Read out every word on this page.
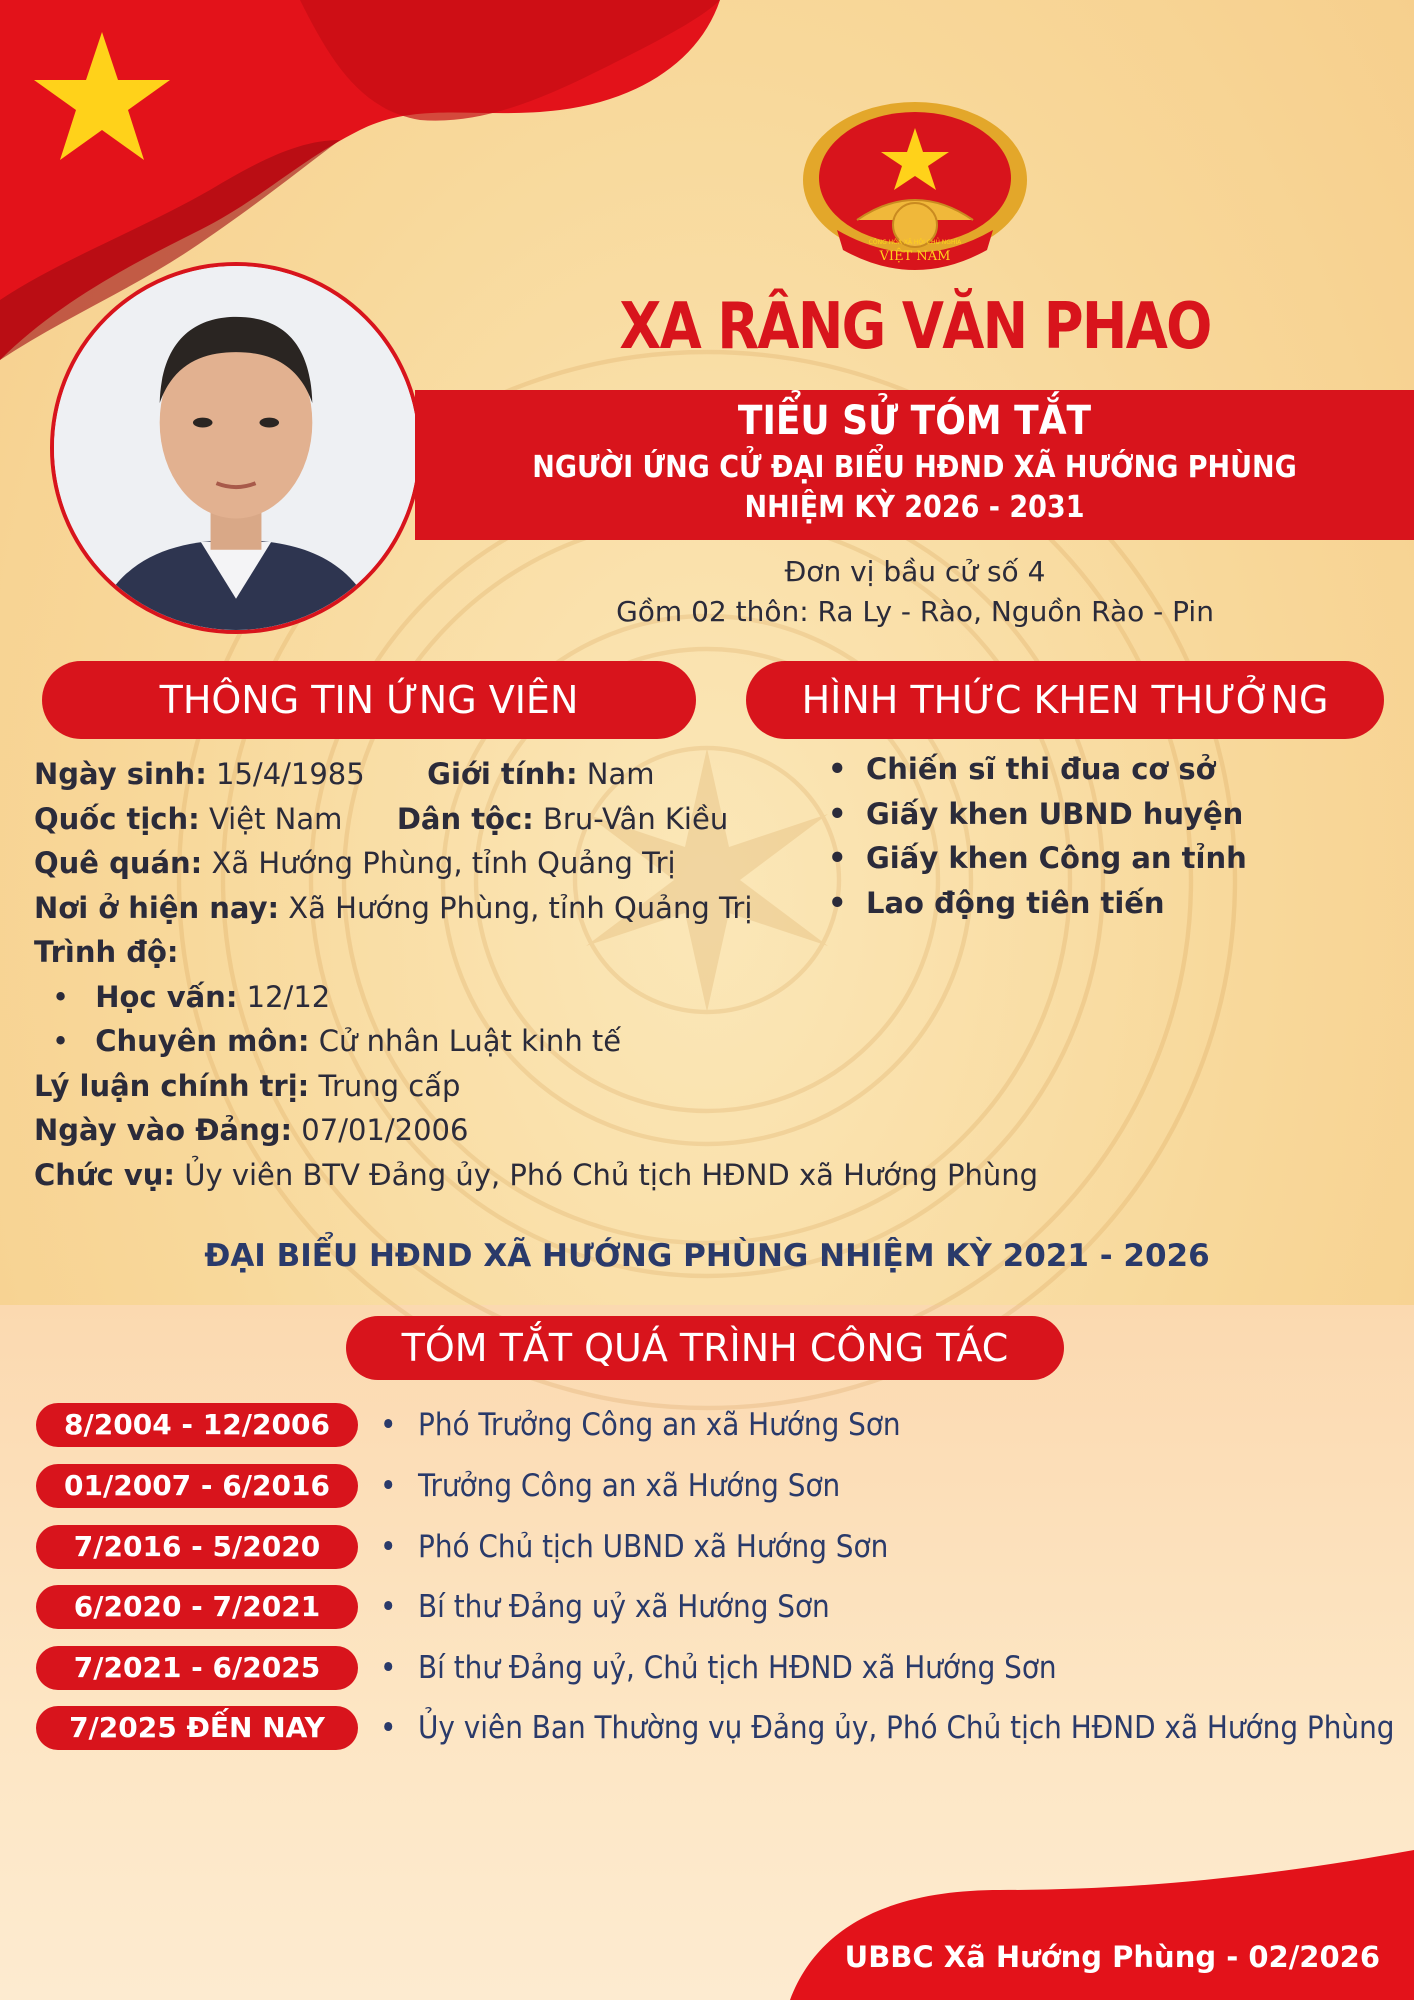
CỘNG HÒA XÃ HỘI CHỦ NGHĨA
VIỆT NAM
XA RÂNG VĂN PHAO
TIỂU SỬ TÓM TẮT
NGƯỜI ỨNG CỬ ĐẠI BIỂU HĐND XÃ HƯỚNG PHÙNG
NHIỆM KỲ 2026 - 2031
Đơn vị bầu cử số 4
Gồm 02 thôn: Ra Ly - Rào, Nguồn Rào - Pin
THÔNG TIN ỨNG VIÊN	HÌNH THỨC KHEN THƯỞNG
Ngày sinh: 15/4/1985 Giới tính: Nam
Quốc tịch: Việt Nam Dân tộc: Bru-Vân Kiều
Quê quán: Xã Hướng Phùng, tỉnh Quảng Trị
Nơi ở hiện nay: Xã Hướng Phùng, tỉnh Quảng Trị
Trình độ:
• Học vấn: 12/12
• Chuyên môn: Cử nhân Luật kinh tế
Lý luận chính trị: Trung cấp
Ngày vào Đảng: 07/01/2006
Chức vụ: Ủy viên BTV Đảng ủy, Phó Chủ tịch HĐND xã Hướng Phùng
• Chiến sĩ thi đua cơ sở
• Giấy khen UBND huyện
• Giấy khen Công an tỉnh
• Lao động tiên tiến
ĐẠI BIỂU HĐND XÃ HƯỚNG PHÙNG NHIỆM KỲ 2021 - 2026
TÓM TẮT QUÁ TRÌNH CÔNG TÁC
8/2004 - 12/2006	• Phó Trưởng Công an xã Hướng Sơn
01/2007 - 6/2016	• Trưởng Công an xã Hướng Sơn
7/2016 - 5/2020	• Phó Chủ tịch UBND xã Hướng Sơn
6/2020 - 7/2021	• Bí thư Đảng uỷ xã Hướng Sơn
7/2021 - 6/2025	• Bí thư Đảng uỷ, Chủ tịch HĐND xã Hướng Sơn
7/2025 ĐẾN NAY	• Ủy viên Ban Thường vụ Đảng ủy, Phó Chủ tịch HĐND xã Hướng Phùng
UBBC Xã Hướng Phùng - 02/2026
